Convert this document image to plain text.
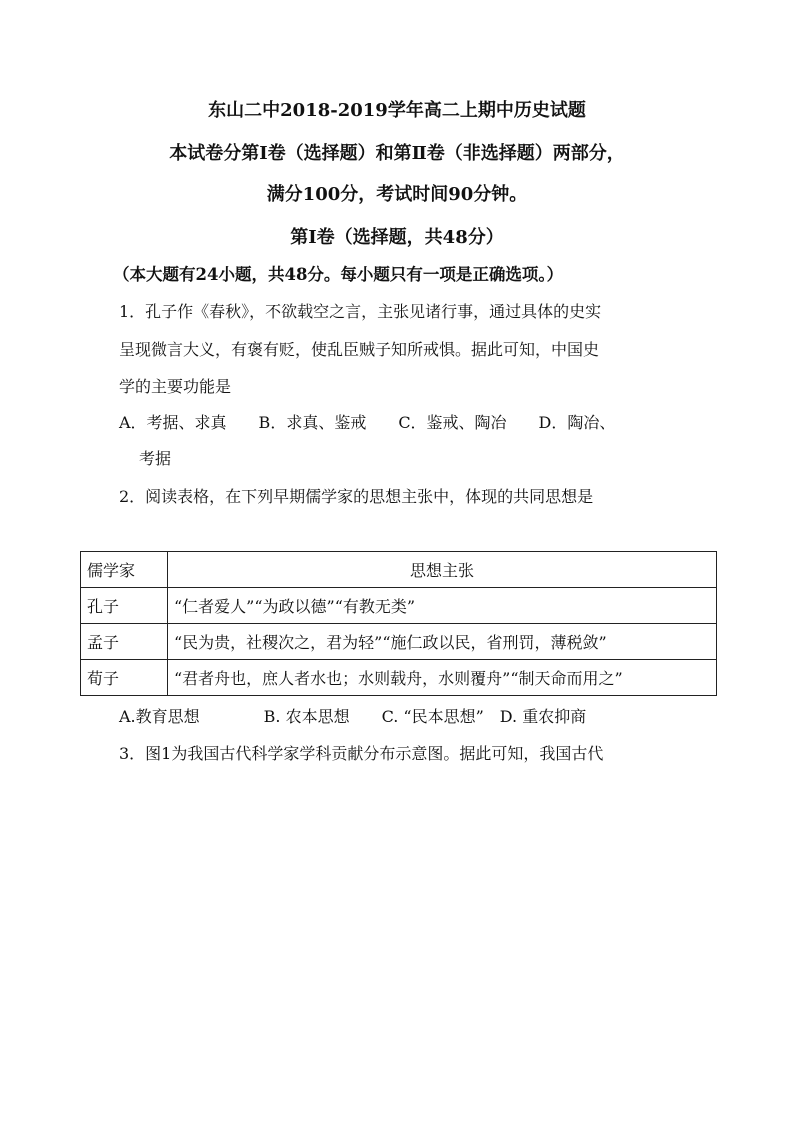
东山二中2018-2019学年高二上期中历史试题
本试卷分第Ⅰ卷（选择题）和第Ⅱ卷（非选择题）两部分，
满分100分，考试时间90分钟。
第Ⅰ卷（选择题，共48分）
（本大题有24小题，共48分。每小题只有一项是正确选项。）
1．孔子作《春秋》，不欲载空之言，主张见诸行事，通过具体的史实
呈现微言大义，有褒有贬，使乱臣贼子知所戒惧。据此可知，中国史
学的主要功能是
A．考据、求真　　B．求真、鉴戒　　C．鉴戒、陶冶　　D．陶冶、
考据
2．阅读表格，在下列早期儒学家的思想主张中，体现的共同思想是
儒学家	思想主张
孔子	“仁者爱人”“为政以德”“有教无类”
孟子	“民为贵，社稷次之，君为轻”“施仁政以民，省刑罚，薄税敛”
荀子	“君者舟也，庶人者水也；水则载舟，水则覆舟”“制天命而用之”
A.教育思想　　　　B. 农本思想　　C. “民本思想”　D. 重农抑商
3．图1为我国古代科学家学科贡献分布示意图。据此可知，我国古代
